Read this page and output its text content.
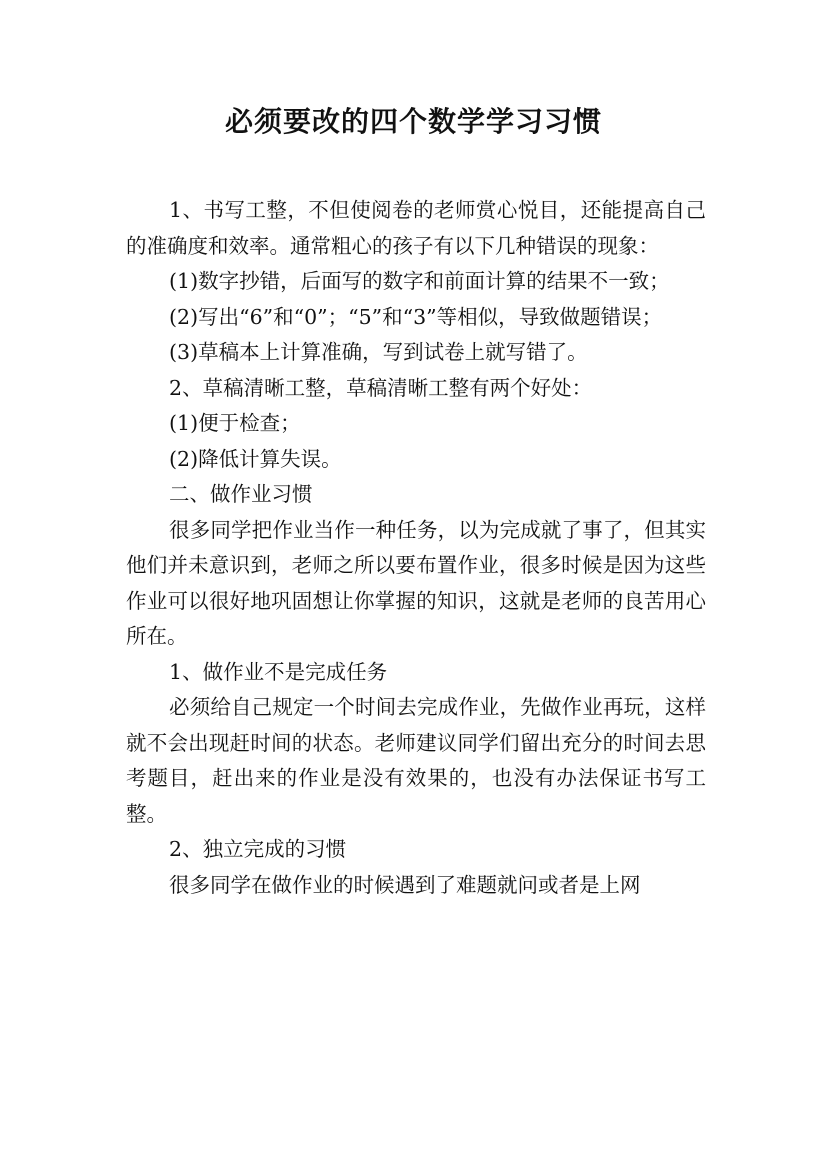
必须要改的四个数学学习习惯

1、书写工整，不但使阅卷的老师赏心悦目，还能提高自己的准确度和效率。通常粗心的孩子有以下几种错误的现象：

(1)数字抄错，后面写的数字和前面计算的结果不一致；

(2)写出“6”和“0”；“5”和“3”等相似，导致做题错误；

(3)草稿本上计算准确，写到试卷上就写错了。

2、草稿清晰工整，草稿清晰工整有两个好处：

(1)便于检查；

(2)降低计算失误。

二、做作业习惯

很多同学把作业当作一种任务，以为完成就了事了，但其实他们并未意识到，老师之所以要布置作业，很多时候是因为这些作业可以很好地巩固想让你掌握的知识，这就是老师的良苦用心所在。

1、做作业不是完成任务

必须给自己规定一个时间去完成作业，先做作业再玩，这样就不会出现赶时间的状态。老师建议同学们留出充分的时间去思考题目，赶出来的作业是没有效果的，也没有办法保证书写工整。

2、独立完成的习惯

很多同学在做作业的时候遇到了难题就问或者是上网
